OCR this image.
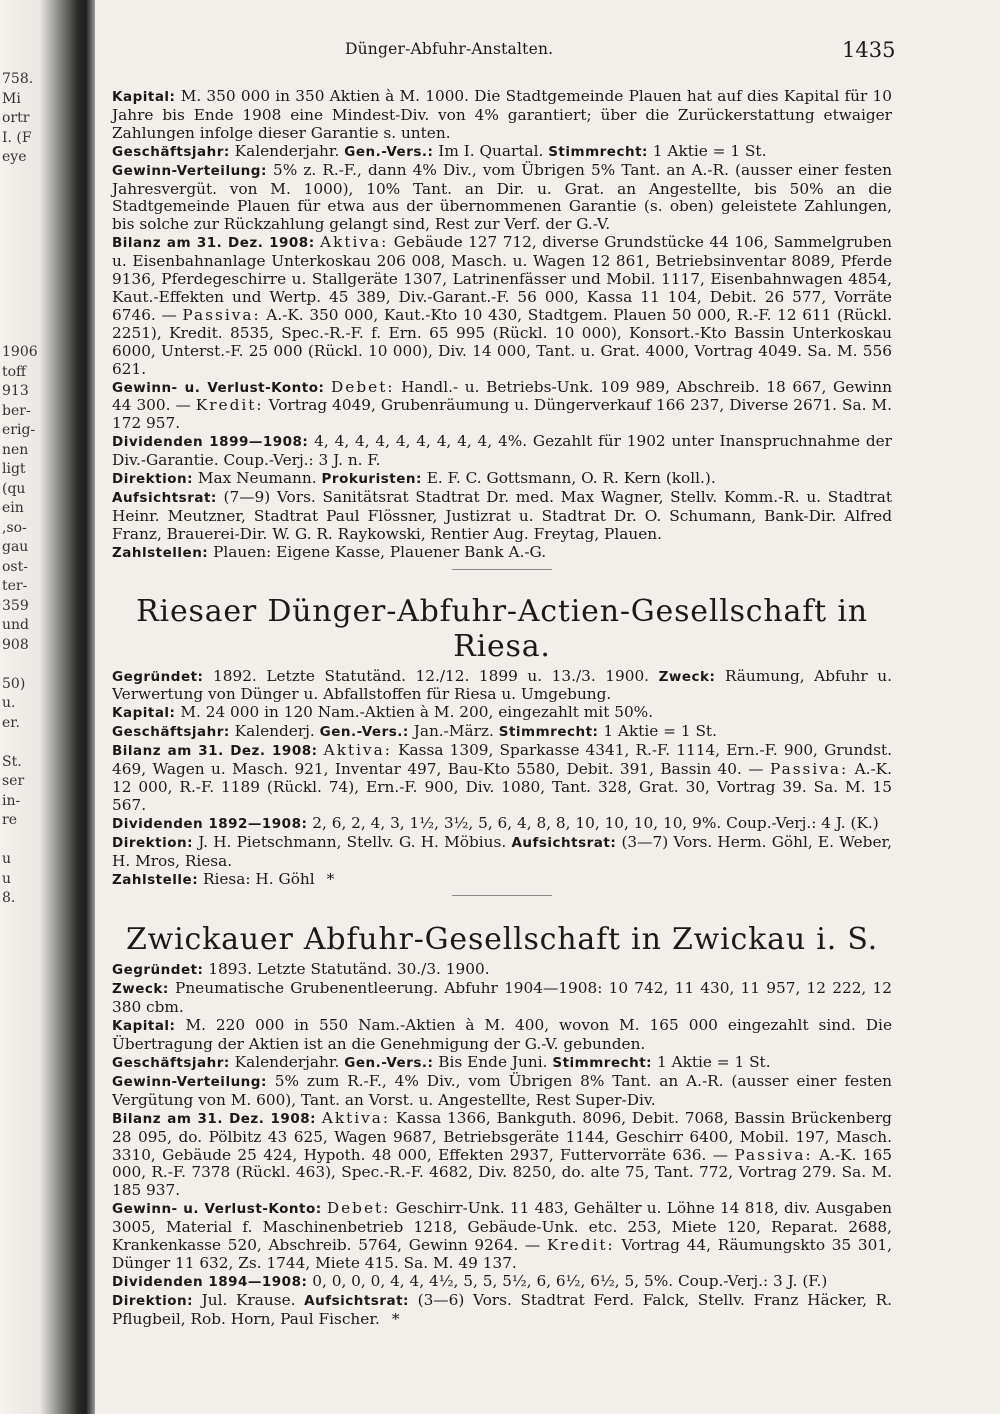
758.
Mi
ortr
I. (F
eye
1906
toff
913
ber-
erig-
nen
ligt
(qu
ein
,so-
gau
ost-
ter-
359
und
908
50)
u.
er.
St.
ser
in-
re
u
u
8.
Dünger-Abfuhr-Anstalten.	1435

Kapital: M. 350 000 in 350 Aktien à M. 1000. Die Stadtgemeinde Plauen hat auf dies Kapital für 10 Jahre bis Ende 1908 eine Mindest-Div. von 4% garantiert; über die Zurückerstattung etwaiger Zahlungen infolge dieser Garantie s. unten.

Geschäftsjahr: Kalenderjahr. Gen.-Vers.: Im I. Quartal. Stimmrecht: 1 Aktie = 1 St.

Gewinn-Verteilung: 5% z. R.-F., dann 4% Div., vom Übrigen 5% Tant. an A.-R. (ausser einer festen Jahresvergüt. von M. 1000), 10% Tant. an Dir. u. Grat. an Angestellte, bis 50% an die Stadtgemeinde Plauen für etwa aus der übernommenen Garantie (s. oben) geleistete Zahlungen, bis solche zur Rückzahlung gelangt sind, Rest zur Verf. der G.-V.

Bilanz am 31. Dez. 1908: Aktiva: Gebäude 127 712, diverse Grundstücke 44 106, Sammelgruben u. Eisenbahnanlage Unterkoskau 206 008, Masch. u. Wagen 12 861, Betriebsinventar 8089, Pferde 9136, Pferdegeschirre u. Stallgeräte 1307, Latrinenfässer und Mobil. 1117, Eisenbahnwagen 4854, Kaut.-Effekten und Wertp. 45 389, Div.-Garant.-F. 56 000, Kassa 11 104, Debit. 26 577, Vorräte 6746. — Passiva: A.-K. 350 000, Kaut.-Kto 10 430, Stadtgem. Plauen 50 000, R.-F. 12 611 (Rückl. 2251), Kredit. 8535, Spec.-R.-F. f. Ern. 65 995 (Rückl. 10 000), Konsort.-Kto Bassin Unterkoskau 6000, Unterst.-F. 25 000 (Rückl. 10 000), Div. 14 000, Tant. u. Grat. 4000, Vortrag 4049. Sa. M. 556 621.

Gewinn- u. Verlust-Konto: Debet: Handl.- u. Betriebs-Unk. 109 989, Abschreib. 18 667, Gewinn 44 300. — Kredit: Vortrag 4049, Grubenräumung u. Düngerverkauf 166 237, Diverse 2671. Sa. M. 172 957.

Dividenden 1899—1908: 4, 4, 4, 4, 4, 4, 4, 4, 4, 4%. Gezahlt für 1902 unter Inanspruchnahme der Div.-Garantie. Coup.-Verj.: 3 J. n. F.

Direktion: Max Neumann. Prokuristen: E. F. C. Gottsmann, O. R. Kern (koll.).

Aufsichtsrat: (7—9) Vors. Sanitätsrat Stadtrat Dr. med. Max Wagner, Stellv. Komm.-R. u. Stadtrat Heinr. Meutzner, Stadtrat Paul Flössner, Justizrat u. Stadtrat Dr. O. Schumann, Bank-Dir. Alfred Franz, Brauerei-Dir. W. G. R. Raykowski, Rentier Aug. Freytag, Plauen.

Zahlstellen: Plauen: Eigene Kasse, Plauener Bank A.-G.

Riesaer Dünger-Abfuhr-Actien-Gesellschaft in Riesa.

Gegründet: 1892. Letzte Statutänd. 12./12. 1899 u. 13./3. 1900. Zweck: Räumung, Abfuhr u. Verwertung von Dünger u. Abfallstoffen für Riesa u. Umgebung.

Kapital: M. 24 000 in 120 Nam.-Aktien à M. 200, eingezahlt mit 50%.

Geschäftsjahr: Kalenderj. Gen.-Vers.: Jan.-März. Stimmrecht: 1 Aktie = 1 St.

Bilanz am 31. Dez. 1908: Aktiva: Kassa 1309, Sparkasse 4341, R.-F. 1114, Ern.-F. 900, Grundst. 469, Wagen u. Masch. 921, Inventar 497, Bau-Kto 5580, Debit. 391, Bassin 40. — Passiva: A.-K. 12 000, R.-F. 1189 (Rückl. 74), Ern.-F. 900, Div. 1080, Tant. 328, Grat. 30, Vortrag 39. Sa. M. 15 567.

Dividenden 1892—1908: 2, 6, 2, 4, 3, 1½, 3½, 5, 6, 4, 8, 8, 10, 10, 10, 10, 9%. Coup.-Verj.: 4 J. (K.)

Direktion: J. H. Pietschmann, Stellv. G. H. Möbius. Aufsichtsrat: (3—7) Vors. Herm. Göhl, E. Weber, H. Mros, Riesa.

Zahlstelle: Riesa: H. Göhl *

Zwickauer Abfuhr-Gesellschaft in Zwickau i. S.

Gegründet: 1893. Letzte Statutänd. 30./3. 1900.

Zweck: Pneumatische Grubenentleerung. Abfuhr 1904—1908: 10 742, 11 430, 11 957, 12 222, 12 380 cbm.

Kapital: M. 220 000 in 550 Nam.-Aktien à M. 400, wovon M. 165 000 eingezahlt sind. Die Übertragung der Aktien ist an die Genehmigung der G.-V. gebunden.

Geschäftsjahr: Kalenderjahr. Gen.-Vers.: Bis Ende Juni. Stimmrecht: 1 Aktie = 1 St.

Gewinn-Verteilung: 5% zum R.-F., 4% Div., vom Übrigen 8% Tant. an A.-R. (ausser einer festen Vergütung von M. 600), Tant. an Vorst. u. Angestellte, Rest Super-Div.

Bilanz am 31. Dez. 1908: Aktiva: Kassa 1366, Bankguth. 8096, Debit. 7068, Bassin Brückenberg 28 095, do. Pölbitz 43 625, Wagen 9687, Betriebsgeräte 1144, Geschirr 6400, Mobil. 197, Masch. 3310, Gebäude 25 424, Hypoth. 48 000, Effekten 2937, Futtervorräte 636. — Passiva: A.-K. 165 000, R.-F. 7378 (Rückl. 463), Spec.-R.-F. 4682, Div. 8250, do. alte 75, Tant. 772, Vortrag 279. Sa. M. 185 937.

Gewinn- u. Verlust-Konto: Debet: Geschirr-Unk. 11 483, Gehälter u. Löhne 14 818, div. Ausgaben 3005, Material f. Maschinenbetrieb 1218, Gebäude-Unk. etc. 253, Miete 120, Reparat. 2688, Krankenkasse 520, Abschreib. 5764, Gewinn 9264. — Kredit: Vortrag 44, Räumungskto 35 301, Dünger 11 632, Zs. 1744, Miete 415. Sa. M. 49 137.

Dividenden 1894—1908: 0, 0, 0, 0, 4, 4, 4½, 5, 5, 5½, 6, 6½, 6½, 5, 5%. Coup.-Verj.: 3 J. (F.)

Direktion: Jul. Krause. Aufsichtsrat: (3—6) Vors. Stadtrat Ferd. Falck, Stellv. Franz Häcker, R. Pflugbeil, Rob. Horn, Paul Fischer. *
